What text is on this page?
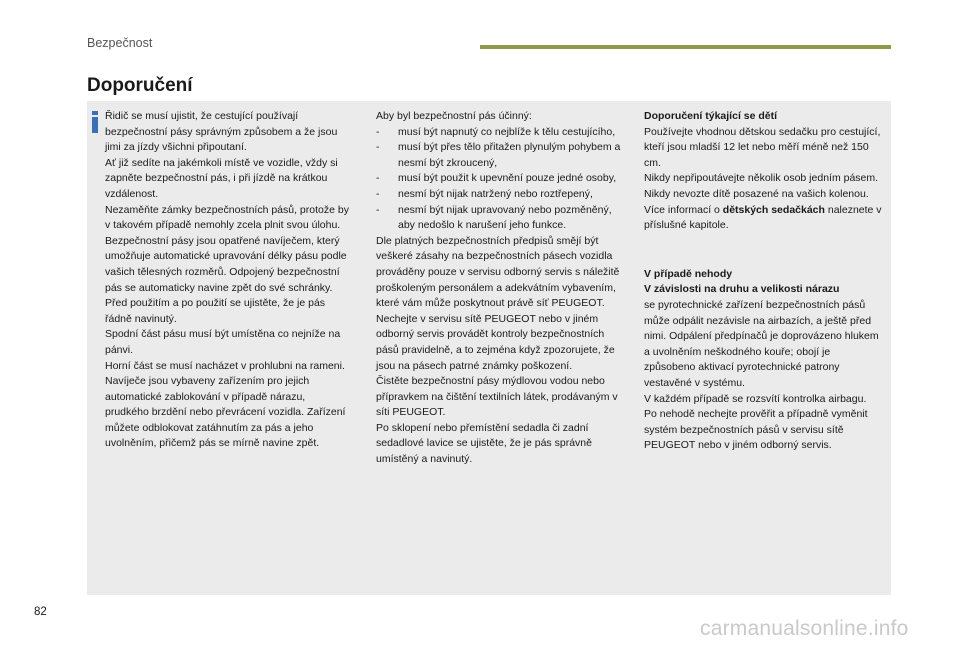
Bezpečnost
Doporučení

Řidič se musí ujistit, že cestující používají bezpečnostní pásy správným způsobem a že jsou jimi za jízdy všichni připoutaní.

Ať již sedíte na jakémkoli místě ve vozidle, vždy si zapněte bezpečnostní pás, i při jízdě na krátkou vzdálenost.

Nezaměňte zámky bezpečnostních pásů, protože by v takovém případě nemohly zcela plnit svou úlohu.

Bezpečnostní pásy jsou opatřené navíječem, který umožňuje automatické upravování délky pásu podle vašich tělesných rozměrů. Odpojený bezpečnostní pás se automaticky navine zpět do své schránky.

Před použitím a po použití se ujistěte, že je pás řádně navinutý.

Spodní část pásu musí být umístěna co nejníže na pánvi.

Horní část se musí nacházet v prohlubni na rameni.

Navíječe jsou vybaveny zařízením pro jejich automatické zablokování v případě nárazu, prudkého brzdění nebo převrácení vozidla. Zařízení můžete odblokovat zatáhnutím za pás a jeho uvolněním, přičemž pás se mírně navine zpět.

Aby byl bezpečnostní pás účinný:

- musí být napnutý co nejblíže k tělu cestujícího,

- musí být přes tělo přitažen plynulým pohybem a nesmí být zkroucený,

- musí být použit k upevnění pouze jedné osoby,

- nesmí být nijak natržený nebo roztřepený,

- nesmí být nijak upravovaný nebo pozměněný, aby nedošlo k narušení jeho funkce.

Dle platných bezpečnostních předpisů smějí být veškeré zásahy na bezpečnostních pásech vozidla prováděny pouze v servisu odborný servis s náležitě proškoleným personálem a adekvátním vybavením, které vám může poskytnout právě síť PEUGEOT.

Nechejte v servisu sítě PEUGEOT nebo v jiném odborný servis provádět kontroly bezpečnostních pásů pravidelně, a to zejména když zpozorujete, že jsou na pásech patrné známky poškození.

Čistěte bezpečnostní pásy mýdlovou vodou nebo přípravkem na čištění textilních látek, prodávaným v síti PEUGEOT.

Po sklopení nebo přemístění sedadla či zadní sedadlové lavice se ujistěte, že je pás správně umístěný a navinutý.

Doporučení týkající se dětí

Používejte vhodnou dětskou sedačku pro cestující, kteří jsou mladší 12 let nebo měří méně než 150 cm.

Nikdy nepřipoutávejte několik osob jedním pásem.

Nikdy nevozte dítě posazené na vašich kolenou.

Více informací o dětských sedačkách naleznete v příslušné kapitole.

V případě nehody

V závislosti na druhu a velikosti nárazu

se pyrotechnické zařízení bezpečnostních pásů může odpálit nezávisle na airbazích, a ještě před nimi. Odpálení předpínačů je doprovázeno hlukem a uvolněním neškodného kouře; obojí je způsobeno aktivací pyrotechnické patrony vestavěné v systému.

V každém případě se rozsvítí kontrolka airbagu.

Po nehodě nechejte prověřit a případně vyměnit systém bezpečnostních pásů v servisu sítě PEUGEOT nebo v jiném odborný servis.

82
carmanualsonline.info
